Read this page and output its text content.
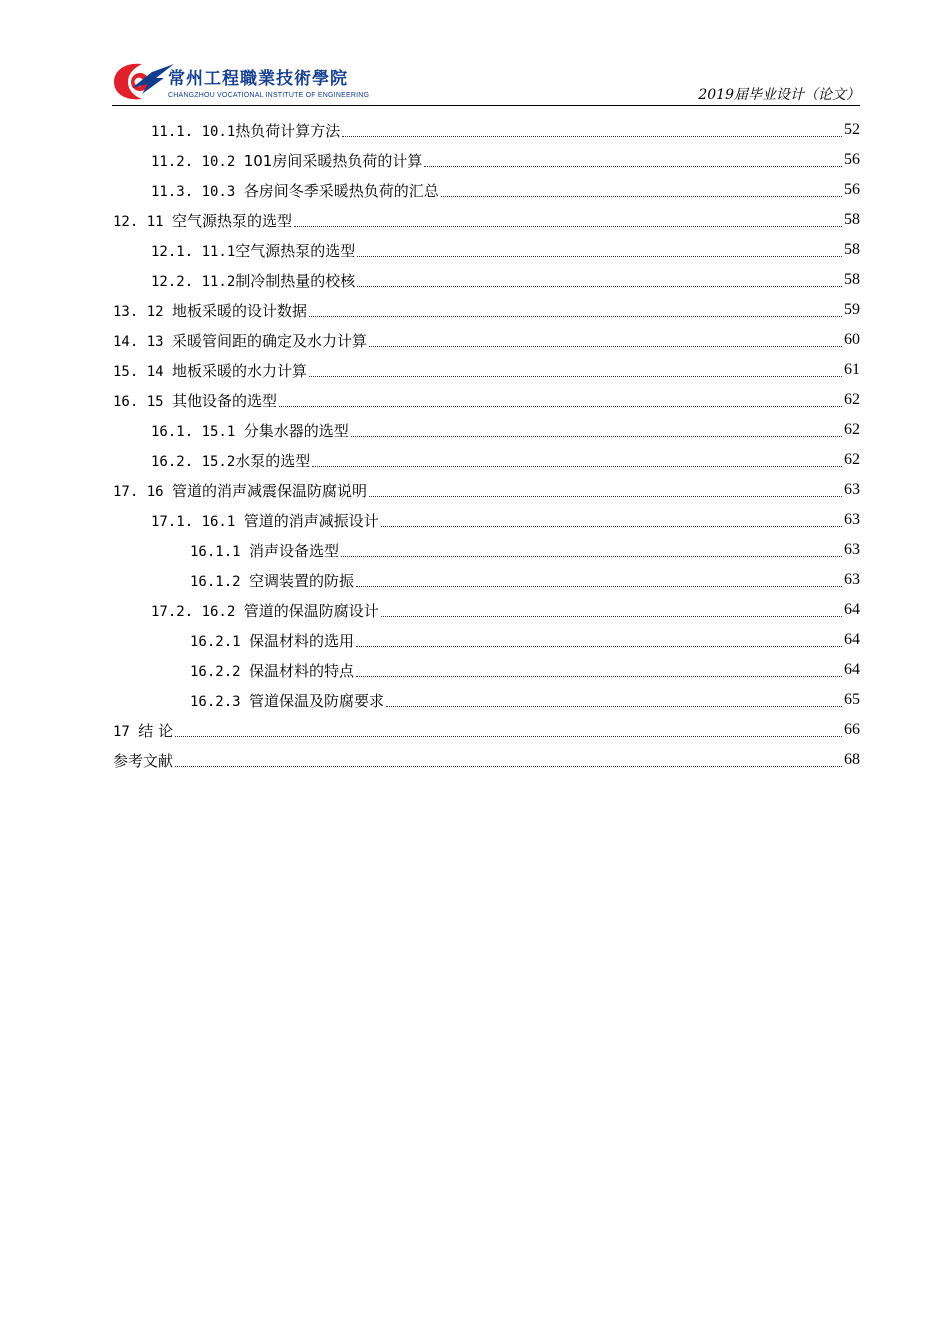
常州工程職業技術學院
CHANGZHOU VOCATIONAL INSTITUTE OF ENGINEERING	2019届毕业设计（论文）
11.1. 10.1热负荷计算方法	52
11.2. 10.2 101房间采暖热负荷的计算	56
11.3. 10.3 各房间冬季采暖热负荷的汇总	56
12. 11 空气源热泵的选型	58
12.1. 11.1空气源热泵的选型	58
12.2. 11.2制冷制热量的校核	58
13. 12 地板采暖的设计数据	59
14. 13 采暖管间距的确定及水力计算	60
15. 14 地板采暖的水力计算	61
16. 15 其他设备的选型	62
16.1. 15.1 分集水器的选型	62
16.2. 15.2水泵的选型	62
17. 16 管道的消声减震保温防腐说明	63
17.1. 16.1 管道的消声减振设计	63
16.1.1 消声设备选型	63
16.1.2 空调装置的防振	63
17.2. 16.2 管道的保温防腐设计	64
16.2.1 保温材料的选用	64
16.2.2 保温材料的特点	64
16.2.3 管道保温及防腐要求	65
17 结 论	66
参考文献	68
